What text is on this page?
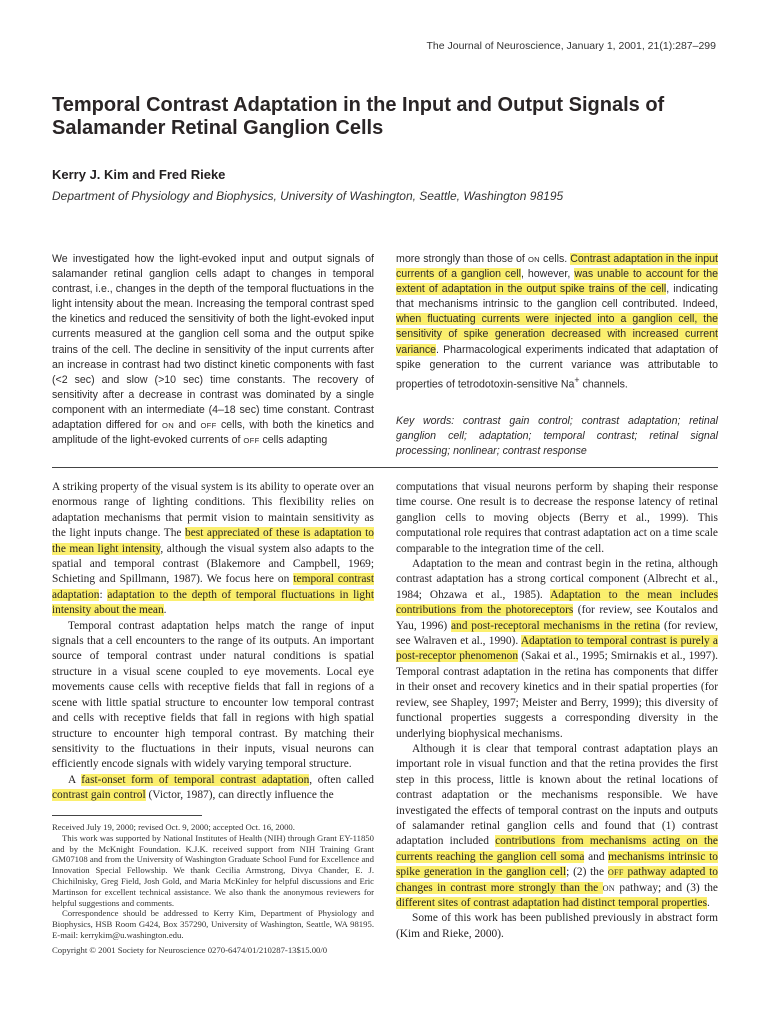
The Journal of Neuroscience, January 1, 2001, 21(1):287–299
Temporal Contrast Adaptation in the Input and Output Signals of
Salamander Retinal Ganglion Cells
Kerry J. Kim and Fred Rieke
Department of Physiology and Biophysics, University of Washington, Seattle, Washington 98195

We investigated how the light-evoked input and output signals of salamander retinal ganglion cells adapt to changes in temporal contrast, i.e., changes in the depth of the temporal fluctuations in the light intensity about the mean. Increasing the temporal contrast sped the kinetics and reduced the sensitivity of both the light-evoked input currents measured at the ganglion cell soma and the output spike trains of the cell. The decline in sensitivity of the input currents after an increase in contrast had two distinct kinetic components with fast (<2 sec) and slow (>10 sec) time constants. The recovery of sensitivity after a decrease in contrast was dominated by a single component with an intermediate (4–18 sec) time constant. Contrast adaptation differed for ON and OFF cells, with both the kinetics and amplitude of the light-evoked currents of OFF cells adapting

more strongly than those of ON cells. Contrast adaptation in the input currents of a ganglion cell, however, was unable to account for the extent of adaptation in the output spike trains of the cell, indicating that mechanisms intrinsic to the ganglion cell contributed. Indeed, when fluctuating currents were injected into a ganglion cell, the sensitivity of spike generation decreased with increased current variance. Pharmacological experiments indicated that adaptation of spike generation to the current variance was attributable to properties of tetrodotoxin-sensitive Na+ channels.

Key words: contrast gain control; contrast adaptation; retinal ganglion cell; adaptation; temporal contrast; retinal signal processing; nonlinear; contrast response

A striking property of the visual system is its ability to operate over an enormous range of lighting conditions. This flexibility relies on adaptation mechanisms that permit vision to maintain sensitivity as the light inputs change. The best appreciated of these is adaptation to the mean light intensity, although the visual system also adapts to the spatial and temporal contrast (Blakemore and Campbell, 1969; Schieting and Spillmann, 1987). We focus here on temporal contrast adaptation: adaptation to the depth of temporal fluctuations in light intensity about the mean.

Temporal contrast adaptation helps match the range of input signals that a cell encounters to the range of its outputs. An important source of temporal contrast under natural conditions is spatial structure in a visual scene coupled to eye movements. Local eye movements cause cells with receptive fields that fall in regions of a scene with little spatial structure to encounter low temporal contrast and cells with receptive fields that fall in regions with high spatial structure to encounter high temporal contrast. By matching their sensitivity to the fluctuations in their inputs, visual neurons can efficiently encode signals with widely varying temporal structure.

A fast-onset form of temporal contrast adaptation, often called contrast gain control (Victor, 1987), can directly influence the

computations that visual neurons perform by shaping their response time course. One result is to decrease the response latency of retinal ganglion cells to moving objects (Berry et al., 1999). This computational role requires that contrast adaptation act on a time scale comparable to the integration time of the cell.

Adaptation to the mean and contrast begin in the retina, although contrast adaptation has a strong cortical component (Albrecht et al., 1984; Ohzawa et al., 1985). Adaptation to the mean includes contributions from the photoreceptors (for review, see Koutalos and Yau, 1996) and post-receptoral mechanisms in the retina (for review, see Walraven et al., 1990). Adaptation to temporal contrast is purely a post-receptor phenomenon (Sakai et al., 1995; Smirnakis et al., 1997). Temporal contrast adaptation in the retina has components that differ in their onset and recovery kinetics and in their spatial properties (for review, see Shapley, 1997; Meister and Berry, 1999); this diversity of functional properties suggests a corresponding diversity in the underlying biophysical mechanisms.

Although it is clear that temporal contrast adaptation plays an important role in visual function and that the retina provides the first step in this process, little is known about the retinal locations of contrast adaptation or the mechanisms responsible. We have investigated the effects of temporal contrast on the inputs and outputs of salamander retinal ganglion cells and found that (1) contrast adaptation included contributions from mechanisms acting on the currents reaching the ganglion cell soma and mechanisms intrinsic to spike generation in the ganglion cell; (2) the OFF pathway adapted to changes in contrast more strongly than the ON pathway; and (3) the different sites of contrast adaptation had distinct temporal properties.

Some of this work has been published previously in abstract form (Kim and Rieke, 2000).

Received July 19, 2000; revised Oct. 9, 2000; accepted Oct. 16, 2000.

This work was supported by National Institutes of Health (NIH) through Grant EY-11850 and by the McKnight Foundation. K.J.K. received support from NIH Training Grant GM07108 and from the University of Washington Graduate School Fund for Excellence and Innovation Special Fellowship. We thank Cecilia Armstrong, Divya Chander, E. J. Chichilnisky, Greg Field, Josh Gold, and Maria McKinley for helpful discussions and Eric Martinson for excellent technical assistance. We also thank the anonymous reviewers for helpful suggestions and comments.

Correspondence should be addressed to Kerry Kim, Department of Physiology and Biophysics, HSB Room G424, Box 357290, University of Washington, Seattle, WA 98195. E-mail: kerrykim@u.washington.edu.

Copyright © 2001 Society for Neuroscience 0270-6474/01/210287-13$15.00/0
